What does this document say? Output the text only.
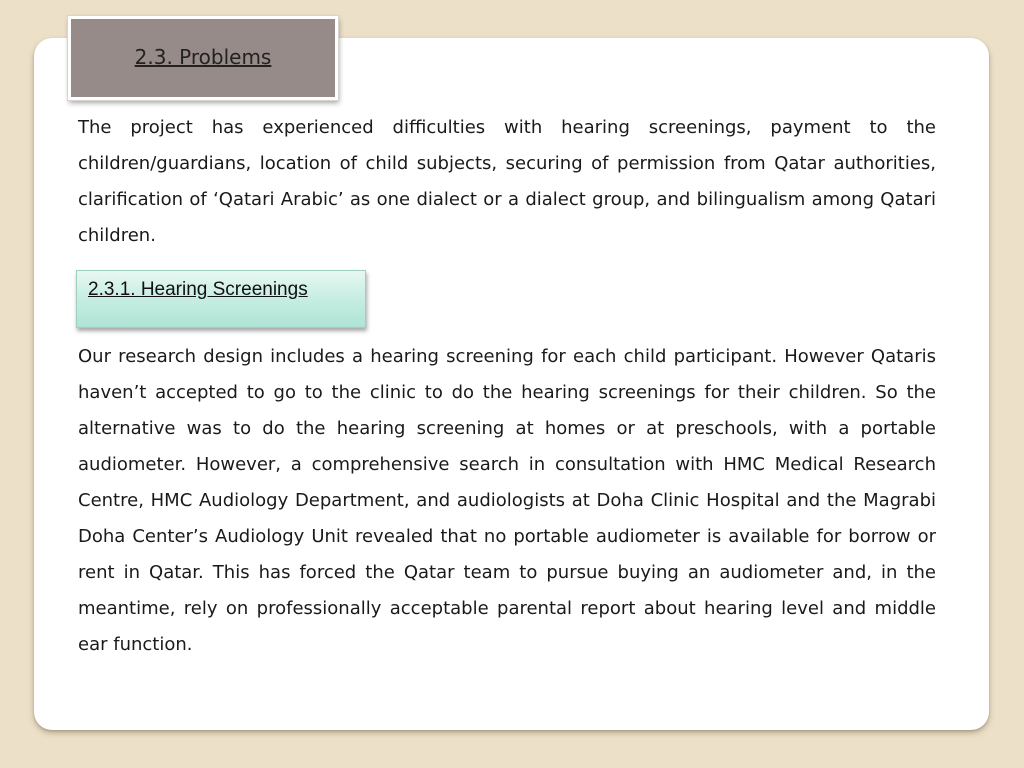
2.3. Problems
The project has experienced difficulties with hearing screenings, payment to the children/guardians, location of child subjects, securing of permission from Qatar authorities, clarification of ‘Qatari Arabic’ as one dialect or a dialect group, and bilingualism among Qatari children.
2.3.1. Hearing Screenings
Our research design includes a hearing screening for each child participant. However Qataris haven’t accepted to go to the clinic to do the hearing screenings for their children. So the alternative was to do the hearing screening at homes or at preschools, with a portable audiometer. However, a comprehensive search in consultation with HMC Medical Research Centre, HMC Audiology Department, and audiologists at Doha Clinic Hospital and the Magrabi Doha Center’s Audiology Unit revealed that no portable audiometer is available for borrow or rent in Qatar. This has forced the Qatar team to pursue buying an audiometer and, in the meantime, rely on professionally acceptable parental report about hearing level and middle ear function.
